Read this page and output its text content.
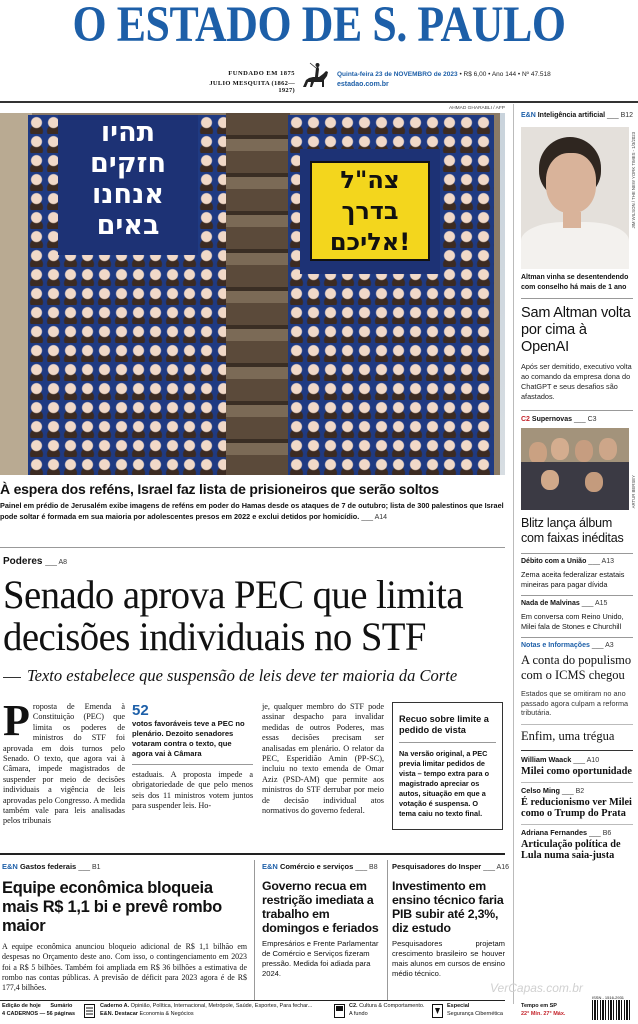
O ESTADO DE S. PAULO
FUNDADO EM 1875
JULIO MESQUITA (1862—1927)
Quinta-feira 23 de NOVEMBRO de 2023 • R$ 6,00 • Ano 144 • Nº 47.518
estadao.com.br
תהיו
חזקים
אנחנו
באים
צה"ל
בדרך
אליכם!
AHMAD GHARABLI / AFP
À espera dos reféns, Israel faz lista de prisioneiros que serão soltos
Painel em prédio de Jerusalém exibe imagens de reféns em poder do Hamas desde os ataques de 7 de outubro; lista de 300 palestinos que Israel pode soltar é formada em sua maioria por adolescentes presos em 2022 e exclui detidos por homicídio. ___ A14
Poderes ___ A8
Senado aprova PEC que limita decisões individuais no STF
Texto estabelece que suspensão de leis deve ter maioria da Corte
P roposta de Emenda à Constituição (PEC) que limita os poderes de ministros do STF foi aprovada em dois turnos pelo Senado. O texto, que agora vai à Câmara, impede magistrados de suspender por meio de decisões individuais a vigência de leis aprovadas pelo Congresso. A medida também vale para leis analisadas pelos tribunais

52
votos favoráveis teve a PEC no plenário. Dezoito senadores votaram contra o texto, que agora vai à Câmara

estaduais. A proposta impede a obrigatoriedade de que pelo menos seis dos 11 ministros votem juntos para suspender leis. Ho-

je, qualquer membro do STF pode assinar despacho para invalidar medidas de outros Poderes, mas essas decisões precisam ser analisadas em plenário. O relator da PEC, Esperidião Amin (PP-SC), incluiu no texto emenda de Omar Aziz (PSD-AM) que permite aos ministros do STF derrubar por meio de decisão individual atos normativos do governo federal.

Recuo sobre limite a pedido de vista
Na versão original, a PEC previa limitar pedidos de vista – tempo extra para o magistrado apreciar os autos, situação em que a votação é suspensa. O tema caiu no texto final.
E&N Gastos federais ___ B1
Equipe econômica bloqueia mais R$ 1,1 bi e prevê rombo maior

A equipe econômica anunciou bloqueio adicional de R$ 1,1 bilhão em despesas no Orçamento deste ano. Com isso, o contingenciamento em 2023 foi a R$ 5 bilhões. Também foi ampliada em R$ 36 bilhões a estimativa de rombo nas contas públicas. A previsão de déficit para 2023 agora é de R$ 177,4 bilhões.

E&N Comércio e serviços ___ B8
Governo recua em restrição imediata a trabalho em domingos e feriados

Empresários e Frente Parlamentar de Comércio e Serviços fizeram pressão. Medida foi adiada para 2024.

Pesquisadores do Insper ___ A16
Investimento em ensino técnico faria PIB subir até 2,3%, diz estudo

Pesquisadores projetam crescimento brasileiro se houver mais alunos em cursos de ensino médio técnico.

E&N Inteligência artificial ___ B12
JIM WILSON / THE NEW YORK TIMES - 1/3/2023
Altman vinha se desentendendo com conselho há mais de 1 ano
Sam Altman volta por cima à OpenAI
Após ser demitido, executivo volta ao comando da empresa dona do ChatGPT e seus desafios são afastados.
C2 Supernovas ___ C3
ARTUR BERSEY
Blitz lança álbum com faixas inéditas
Débito com a União ___ A13
Zema aceita federalizar estatais mineiras para pagar dívida
Nada de Malvinas ___ A15
Em conversa com Reino Unido, Milei fala de Stones e Churchill
Notas e Informações ___ A3
A conta do populismo com o ICMS chegou
Estados que se omitiram no ano passado agora culpam a reforma tributária.
Enfim, uma trégua
William Waack ___ A10
Milei como oportunidade
Celso Ming ___ B2
É reducionismo ver Milei como o Trump do Prata
Adriana Fernandes ___ B6
Articulação política de Lula numa saia-justa
Edição de hoje Sumário
4 CADERNOS — 56 páginas
Caderno A. Opinião, Política, Internacional, Metrópole, Saúde, Esportes, Para fechar...
E&N. Destacar Economia & Negócios
C2. Cultura & Comportamento.
A fundo
Especial
Segurança Cibernética
VerCapas.com.br
Tempo em SP
22° Mín. 27° Máx.
ISSN - 1516-2931
